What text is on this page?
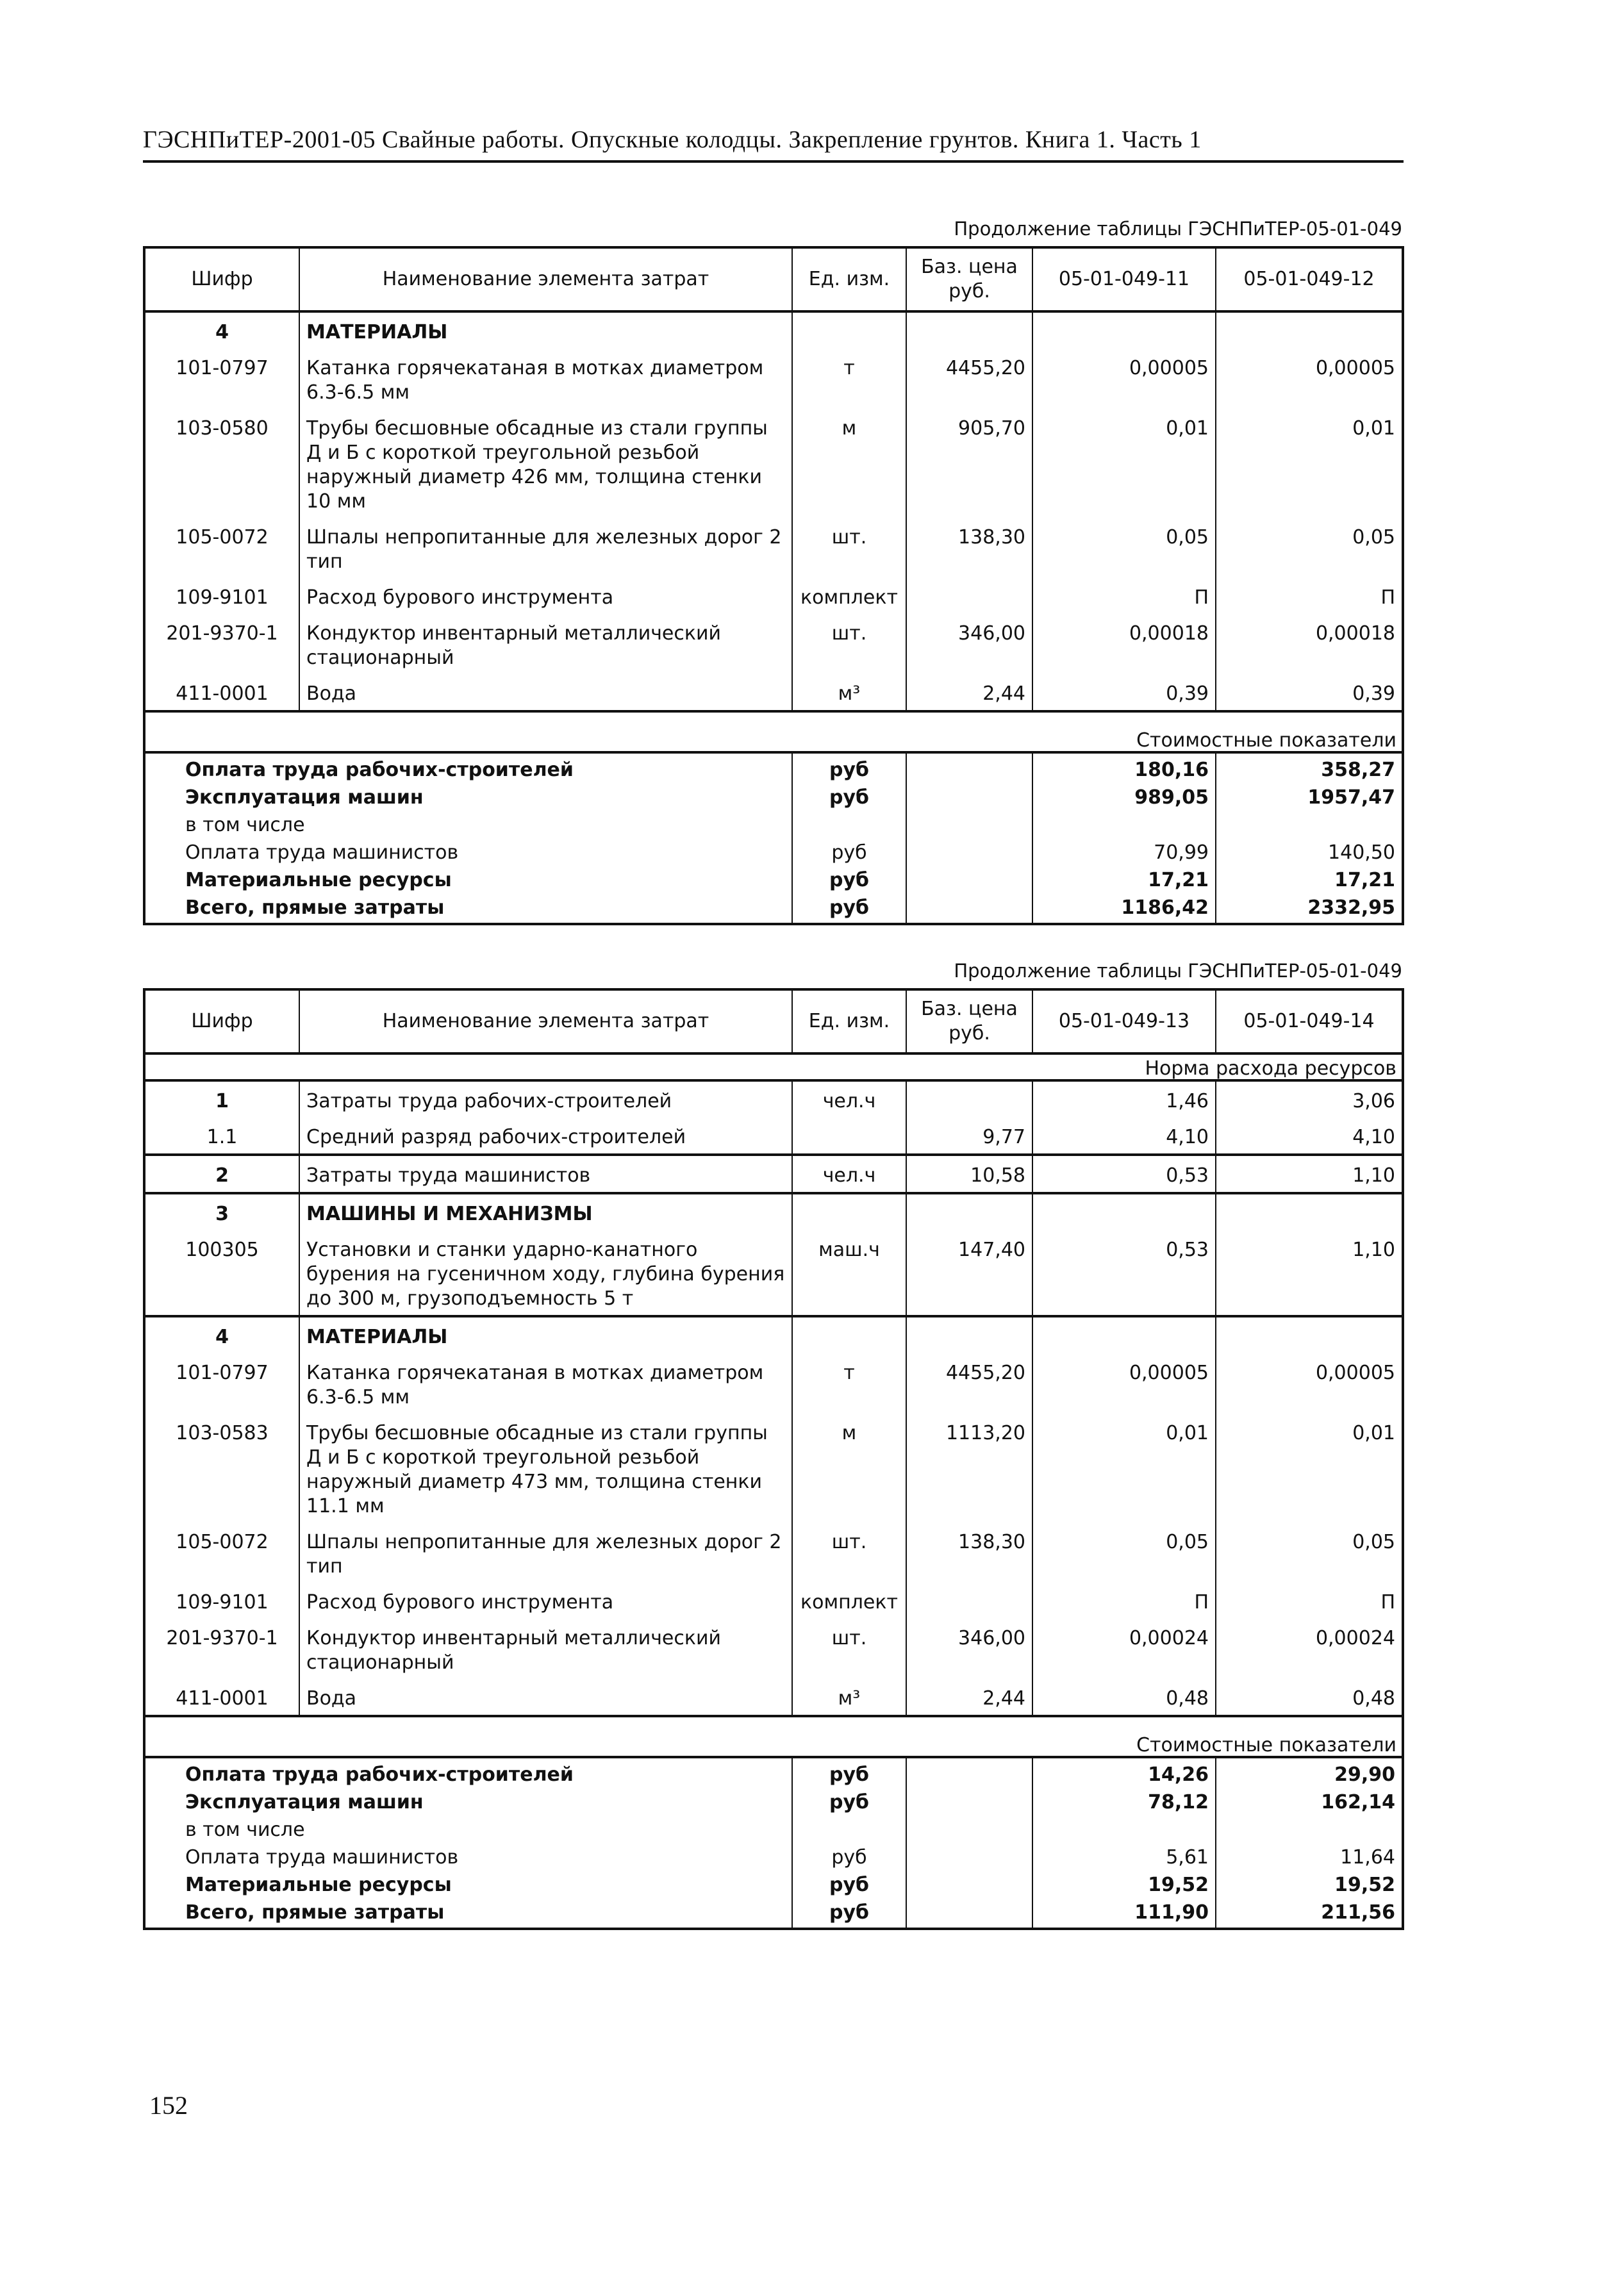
ГЭСНПиТЕР-2001-05 Свайные работы. Опускные колодцы. Закрепление грунтов. Книга 1. Часть 1
Продолжение таблицы ГЭСНПиТЕР-05-01-049
Шифр	Наименование элемента затрат	Ед. изм.	Баз. цена руб.	05-01-049-11	05-01-049-12
4	МАТЕРИАЛЫ				
101-0797	Катанка горячекатаная в мотках диаметром 6.3-6.5 мм	т	4455,20	0,00005	0,00005
103-0580	Трубы бесшовные обсадные из стали группы Д и Б с короткой треугольной резьбой наружный диаметр 426 мм, толщина стенки 10 мм	м	905,70	0,01	0,01
105-0072	Шпалы непропитанные для железных дорог 2 тип	шт.	138,30	0,05	0,05
109-9101	Расход бурового инструмента	комплект		П	П
201-9370-1	Кондуктор инвентарный металлический стационарный	шт.	346,00	0,00018	0,00018
411-0001	Вода	м³	2,44	0,39	0,39
Стоимостные показатели					
Оплата труда рабочих-строителей		руб		180,16	358,27
Эксплуатация машин		руб		989,05	1957,47
в том числе					
Оплата труда машинистов		руб		70,99	140,50
Материальные ресурсы		руб		17,21	17,21
Всего, прямые затраты		руб		1186,42	2332,95
Продолжение таблицы ГЭСНПиТЕР-05-01-049
Шифр	Наименование элемента затрат	Ед. изм.	Баз. цена руб.	05-01-049-13	05-01-049-14
Норма расхода ресурсов					
1	Затраты труда рабочих-строителей	чел.ч		1,46	3,06
1.1	Средний разряд рабочих-строителей		9,77	4,10	4,10
2	Затраты труда машинистов	чел.ч	10,58	0,53	1,10
3	МАШИНЫ И МЕХАНИЗМЫ				
100305	Установки и станки ударно-канатного бурения на гусеничном ходу, глубина бурения до 300 м, грузоподъемность 5 т	маш.ч	147,40	0,53	1,10
4	МАТЕРИАЛЫ				
101-0797	Катанка горячекатаная в мотках диаметром 6.3-6.5 мм	т	4455,20	0,00005	0,00005
103-0583	Трубы бесшовные обсадные из стали группы Д и Б с короткой треугольной резьбой наружный диаметр 473 мм, толщина стенки 11.1 мм	м	1113,20	0,01	0,01
105-0072	Шпалы непропитанные для железных дорог 2 тип	шт.	138,30	0,05	0,05
109-9101	Расход бурового инструмента	комплект		П	П
201-9370-1	Кондуктор инвентарный металлический стационарный	шт.	346,00	0,00024	0,00024
411-0001	Вода	м³	2,44	0,48	0,48
Стоимостные показатели					
Оплата труда рабочих-строителей		руб		14,26	29,90
Эксплуатация машин		руб		78,12	162,14
в том числе					
Оплата труда машинистов		руб		5,61	11,64
Материальные ресурсы		руб		19,52	19,52
Всего, прямые затраты		руб		111,90	211,56
152
